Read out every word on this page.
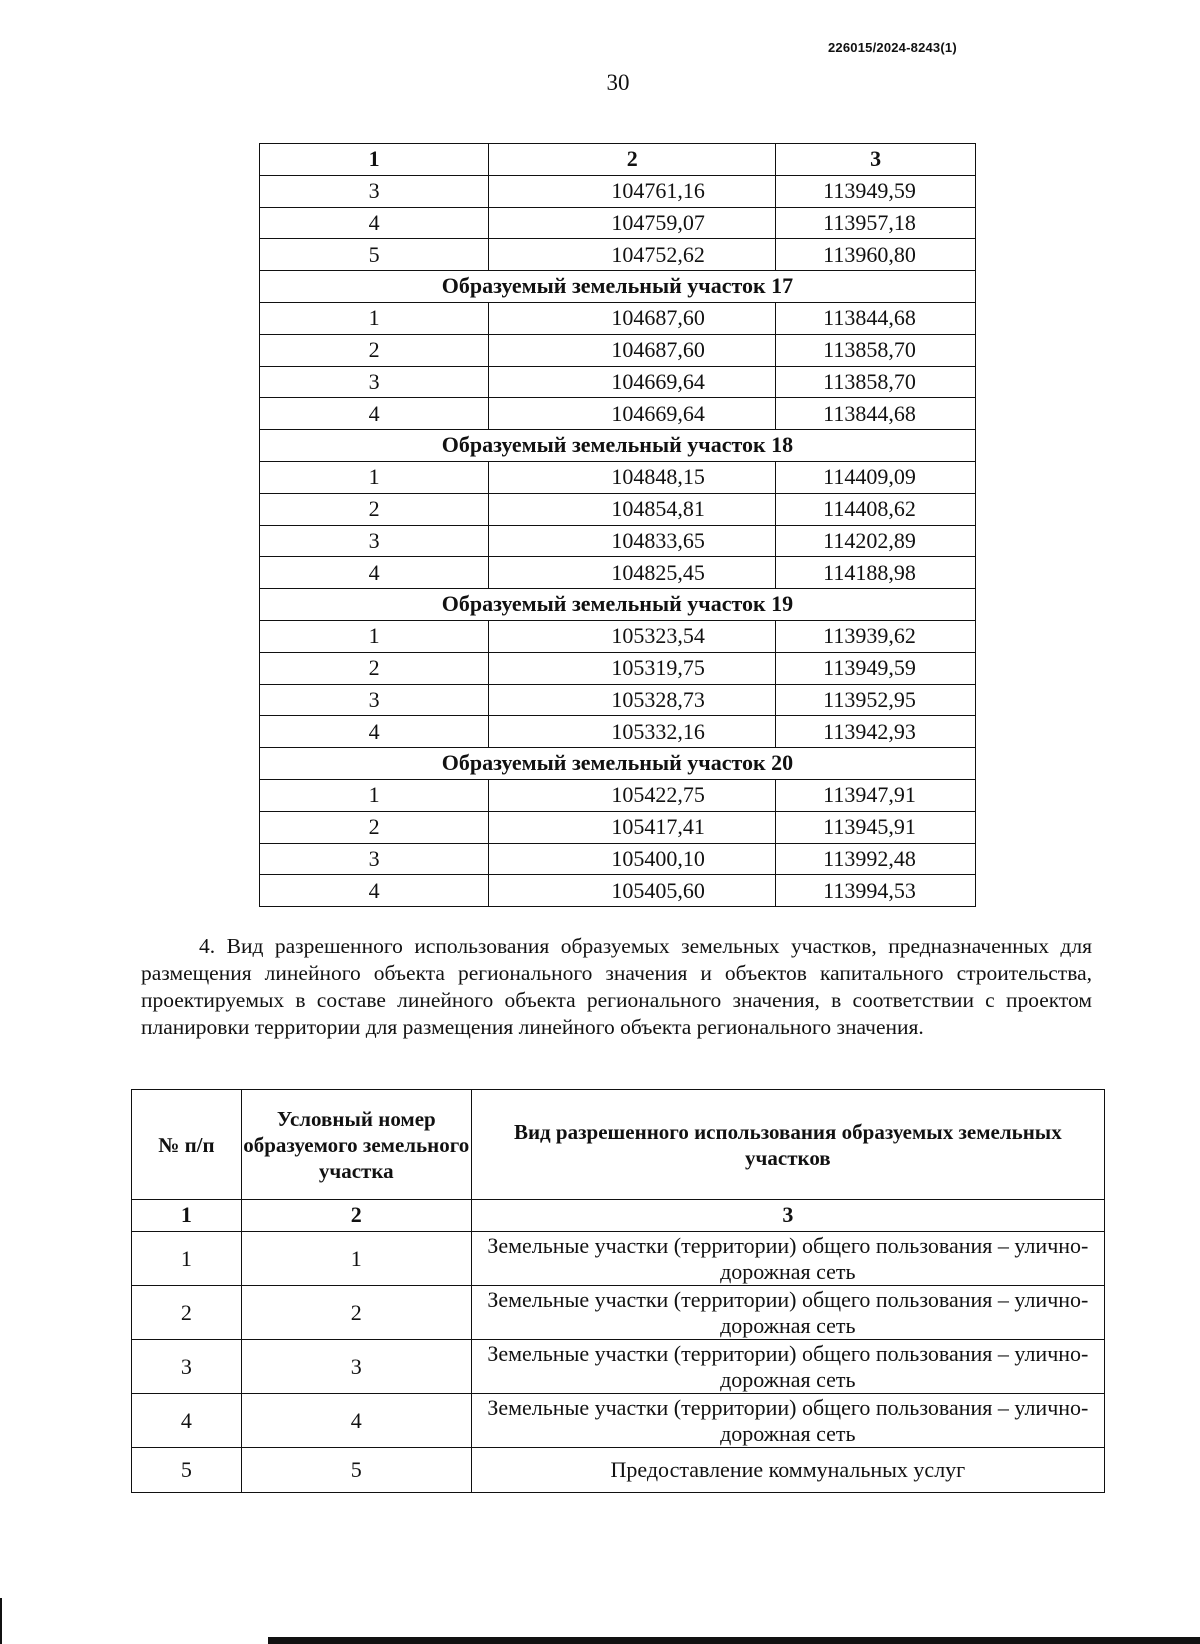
226015/2024-8243(1)
30
1	2	3
3	104761,16	113949,59
4	104759,07	113957,18
5	104752,62	113960,80
Образуемый земельный участок 17		
1	104687,60	113844,68
2	104687,60	113858,70
3	104669,64	113858,70
4	104669,64	113844,68
Образуемый земельный участок 18		
1	104848,15	114409,09
2	104854,81	114408,62
3	104833,65	114202,89
4	104825,45	114188,98
Образуемый земельный участок 19		
1	105323,54	113939,62
2	105319,75	113949,59
3	105328,73	113952,95
4	105332,16	113942,93
Образуемый земельный участок 20		
1	105422,75	113947,91
2	105417,41	113945,91
3	105400,10	113992,48
4	105405,60	113994,53
4. Вид разрешенного использования образуемых земельных участков, предназначенных для размещения линейного объекта регионального значения и объектов капитального строительства, проектируемых в составе линейного объекта регионального значения, в соответствии с проектом планировки территории для размещения линейного объекта регионального значения.
№ п/п	Условный номер образуемого земельного участка	Вид разрешенного использования образуемых земельных участков
1	2	3
1	1	Земельные участки (территории) общего пользования – улично-дорожная сеть
2	2	Земельные участки (территории) общего пользования – улично-дорожная сеть
3	3	Земельные участки (территории) общего пользования – улично-дорожная сеть
4	4	Земельные участки (территории) общего пользования – улично-дорожная сеть
5	5	Предоставление коммунальных услуг
